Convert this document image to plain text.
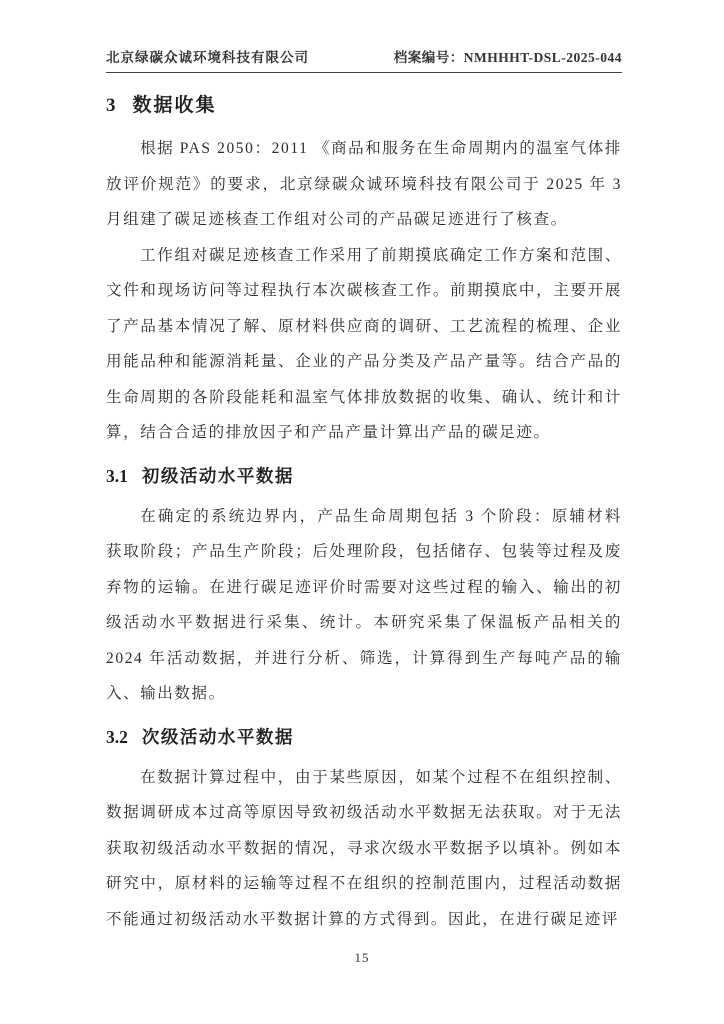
北京绿碳众诚环境科技有限公司	档案编号：NMHHHT-DSL-2025-044
3 数据收集

根据 PAS 2050：2011 《商品和服务在生命周期内的温室气体排放评价规范》的要求，北京绿碳众诚环境科技有限公司于 2025 年 3 月组建了碳足迹核查工作组对公司的产品碳足迹进行了核查。

工作组对碳足迹核查工作采用了前期摸底确定工作方案和范围、文件和现场访问等过程执行本次碳核查工作。前期摸底中，主要开展了产品基本情况了解、原材料供应商的调研、工艺流程的梳理、企业用能品种和能源消耗量、企业的产品分类及产品产量等。结合产品的生命周期的各阶段能耗和温室气体排放数据的收集、确认、统计和计算，结合合适的排放因子和产品产量计算出产品的碳足迹。

3.1 初级活动水平数据

在确定的系统边界内，产品生命周期包括 3 个阶段：原辅材料获取阶段；产品生产阶段；后处理阶段，包括储存、包装等过程及废弃物的运输。在进行碳足迹评价时需要对这些过程的输入、输出的初级活动水平数据进行采集、统计。本研究采集了保温板产品相关的 2024 年活动数据，并进行分析、筛选，计算得到生产每吨产品的输入、输出数据。

3.2 次级活动水平数据

在数据计算过程中，由于某些原因，如某个过程不在组织控制、数据调研成本过高等原因导致初级活动水平数据无法获取。对于无法获取初级活动水平数据的情况，寻求次级水平数据予以填补。例如本研究中，原材料的运输等过程不在组织的控制范围内，过程活动数据不能通过初级活动水平数据计算的方式得到。因此，在进行碳足迹评

15
